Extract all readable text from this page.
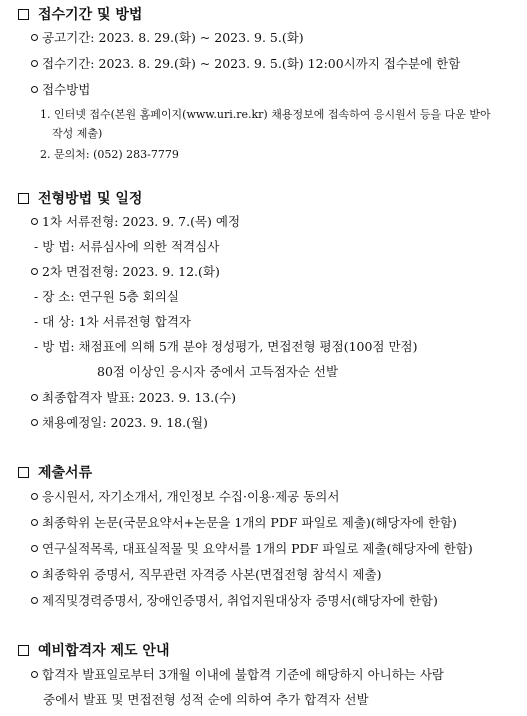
접수기간 및 방법
공고기간: 2023. 8. 29.(화) ~ 2023. 9. 5.(화)
접수기간: 2023. 8. 29.(화) ~ 2023. 9. 5.(화) 12:00시까지 접수분에 한함
접수방법
1. 인터넷 접수(본원 홈페이지(www.uri.re.kr) 채용정보에 접속하여 응시원서 등을 다운 받아
작성 제출)
2. 문의처: (052) 283-7779
전형방법 및 일정
1차 서류전형: 2023. 9. 7.(목) 예정
- 방 법: 서류심사에 의한 적격심사
2차 면접전형: 2023. 9. 12.(화)
- 장 소: 연구원 5층 회의실
- 대 상: 1차 서류전형 합격자
- 방 법: 채점표에 의해 5개 분야 정성평가, 면접전형 평점(100점 만점)
80점 이상인 응시자 중에서 고득점자순 선발
최종합격자 발표: 2023. 9. 13.(수)
채용예정일: 2023. 9. 18.(월)
제출서류
응시원서, 자기소개서, 개인정보 수집·이용·제공 동의서
최종학위 논문(국문요약서+논문을 1개의 PDF 파일로 제출)(해당자에 한함)
연구실적목록, 대표실적물 및 요약서를 1개의 PDF 파일로 제출(해당자에 한함)
최종학위 증명서, 직무관련 자격증 사본(면접전형 참석시 제출)
제직및경력증명서, 장애인증명서, 취업지원대상자 증명서(해당자에 한함)
예비합격자 제도 안내
합격자 발표일로부터 3개월 이내에 불합격 기준에 해당하지 아니하는 사람
중에서 발표 및 면접전형 성적 순에 의하여 추가 합격자 선발
